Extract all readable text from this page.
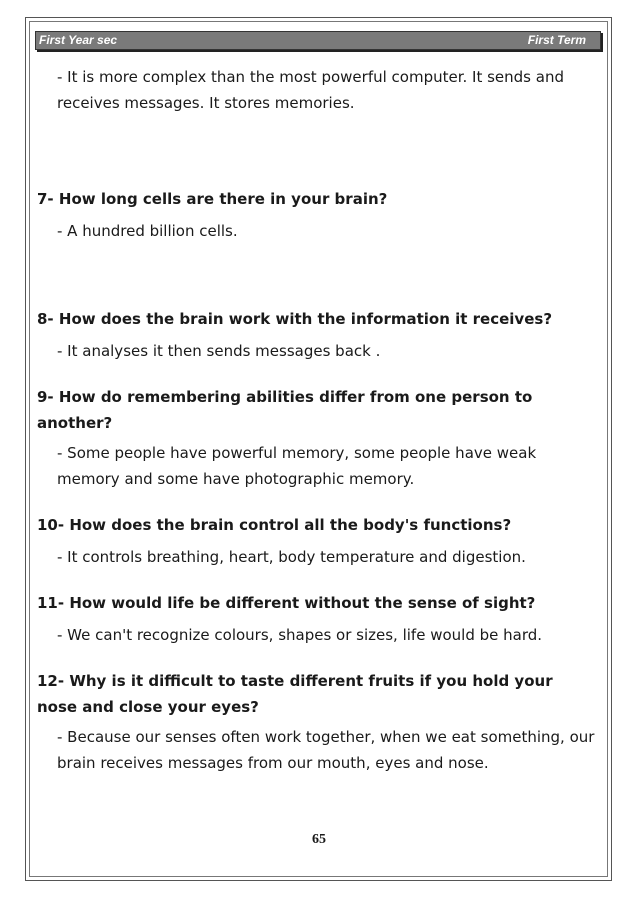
First Year sec	First Term

- It is more complex than the most powerful computer. It sends and receives messages. It stores memories.

7- How long cells are there in your brain?

- A hundred billion cells.

8- How does the brain work with the information it receives?

- It analyses it then sends messages back .

9- How do remembering abilities differ from one person to another?

- Some people have powerful memory, some people have weak memory and some have photographic memory.

10- How does the brain control all the body's functions?

- It controls breathing, heart, body temperature and digestion.

11- How would life be different without the sense of sight?

- We can't recognize colours, shapes or sizes, life would be hard.

12- Why is it difficult to taste different fruits if you hold your nose and close your eyes?

- Because our senses often work together, when we eat something, our brain receives messages from our mouth, eyes and nose.

65
